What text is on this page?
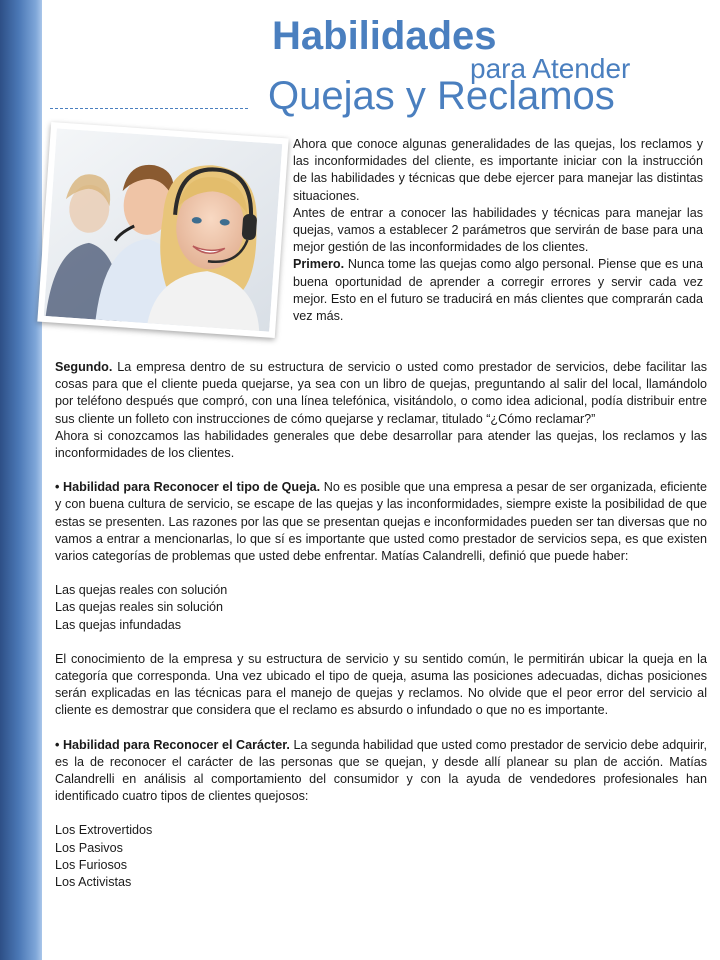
Habilidades
para Atender
Quejas y Reclamos

Ahora que conoce algunas generalidades de las quejas, los reclamos y las inconformidades del cliente, es importante iniciar con la instrucción de las habilidades y técnicas que debe ejercer para manejar las distintas situaciones.

Antes de entrar a conocer las habilidades y técnicas para manejar las quejas, vamos a establecer 2 parámetros que servirán de base para una mejor gestión de las inconformidades de los clientes.

Primero. Nunca tome las quejas como algo personal. Piense que es una buena oportunidad de aprender a corregir errores y servir cada vez mejor. Esto en el futuro se traducirá en más clientes que comprarán cada vez más.

Segundo. La empresa dentro de su estructura de servicio o usted como prestador de servicios, debe facilitar las cosas para que el cliente pueda quejarse, ya sea con un libro de quejas, preguntando al salir del local, llamándolo por teléfono después que compró, con una línea telefónica, visitándolo, o como idea adicional, podía distribuir entre sus cliente un folleto con instrucciones de cómo quejarse y reclamar, titulado “¿Cómo reclamar?”

Ahora si conozcamos las habilidades generales que debe desarrollar para atender las quejas, los reclamos y las inconformidades de los clientes.

• Habilidad para Reconocer el tipo de Queja. No es posible que una empresa a pesar de ser organizada, eficiente y con buena cultura de servicio, se escape de las quejas y las inconformidades, siempre existe la posibilidad de que estas se presenten. Las razones por las que se presentan quejas e inconformidades pueden ser tan diversas que no vamos a entrar a mencionarlas, lo que sí es importante que usted como prestador de servicios sepa, es que existen varios categorías de problemas que usted debe enfrentar. Matías Calandrelli, definió que puede haber:

Las quejas reales con solución
Las quejas reales sin solución
Las quejas infundadas

El conocimiento de la empresa y su estructura de servicio y su sentido común, le permitirán ubicar la queja en la categoría que corresponda. Una vez ubicado el tipo de queja, asuma las posiciones adecuadas, dichas posiciones serán explicadas en las técnicas para el manejo de quejas y reclamos. No olvide que el peor error del servicio al cliente es demostrar que considera que el reclamo es absurdo o infundado o que no es importante.

• Habilidad para Reconocer el Carácter. La segunda habilidad que usted como prestador de servicio debe adquirir, es la de reconocer el carácter de las personas que se quejan, y desde allí planear su plan de acción. Matías Calandrelli en análisis al comportamiento del consumidor y con la ayuda de vendedores profesionales han identificado cuatro tipos de clientes quejosos:

Los Extrovertidos
Los Pasivos
Los Furiosos
Los Activistas
